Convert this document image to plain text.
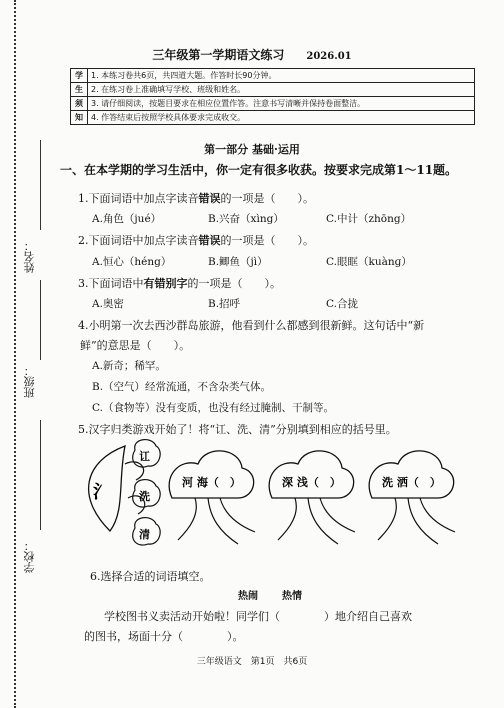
姓名：
班级：
学校：
三年级第一学期语文练习 2026.01
学	1. 本练习卷共6页，共四道大题。作答时长90分钟。
生	2. 在练习卷上准确填写学校、班级和姓名。
须	3. 请仔细阅读，按题目要求在相应位置作答。注意书写清晰并保持卷面整洁。
知	4. 作答结束后按照学校具体要求完成收交。
第一部分 基础·运用
一、在本学期的学习生活中，你一定有很多收获。按要求完成第1～11题。
1.下面词语中加点字读音错误的一项是（　　）。
A.角色（jué）	B.兴奋（xìng）	C.中计（zhōng）
2.下面词语中加点字读音错误的一项是（　　）。
A.恒心（héng）	B.鲫鱼（jì）	C.眼眶（kuànɡ）
3.下面词语中有错别字的一项是（　　）。
A.奥密	B.招呼	C.合拢
4.小明第一次去西沙群岛旅游，他看到什么都感到很新鲜。这句话中“新
鲜”的意思是（　　）。
A.新奇；稀罕。
B.（空气）经常流通，不含杂类气体。
C.（食物等）没有变质，也没有经过腌制、干制等。
5.汉字归类游戏开始了！将“讧、洗、清”分别填到相应的括号里。
氵
讧
洗
清
河 海（　）	深 浅（　）	洗 洒（　）
6.选择合适的词语填空。
热闹 热情
学校图书义卖活动开始啦！同学们（　　　　）地介绍自己喜欢
的图书，场面十分（　　　　）。
三年级语文　第1页　共6页
